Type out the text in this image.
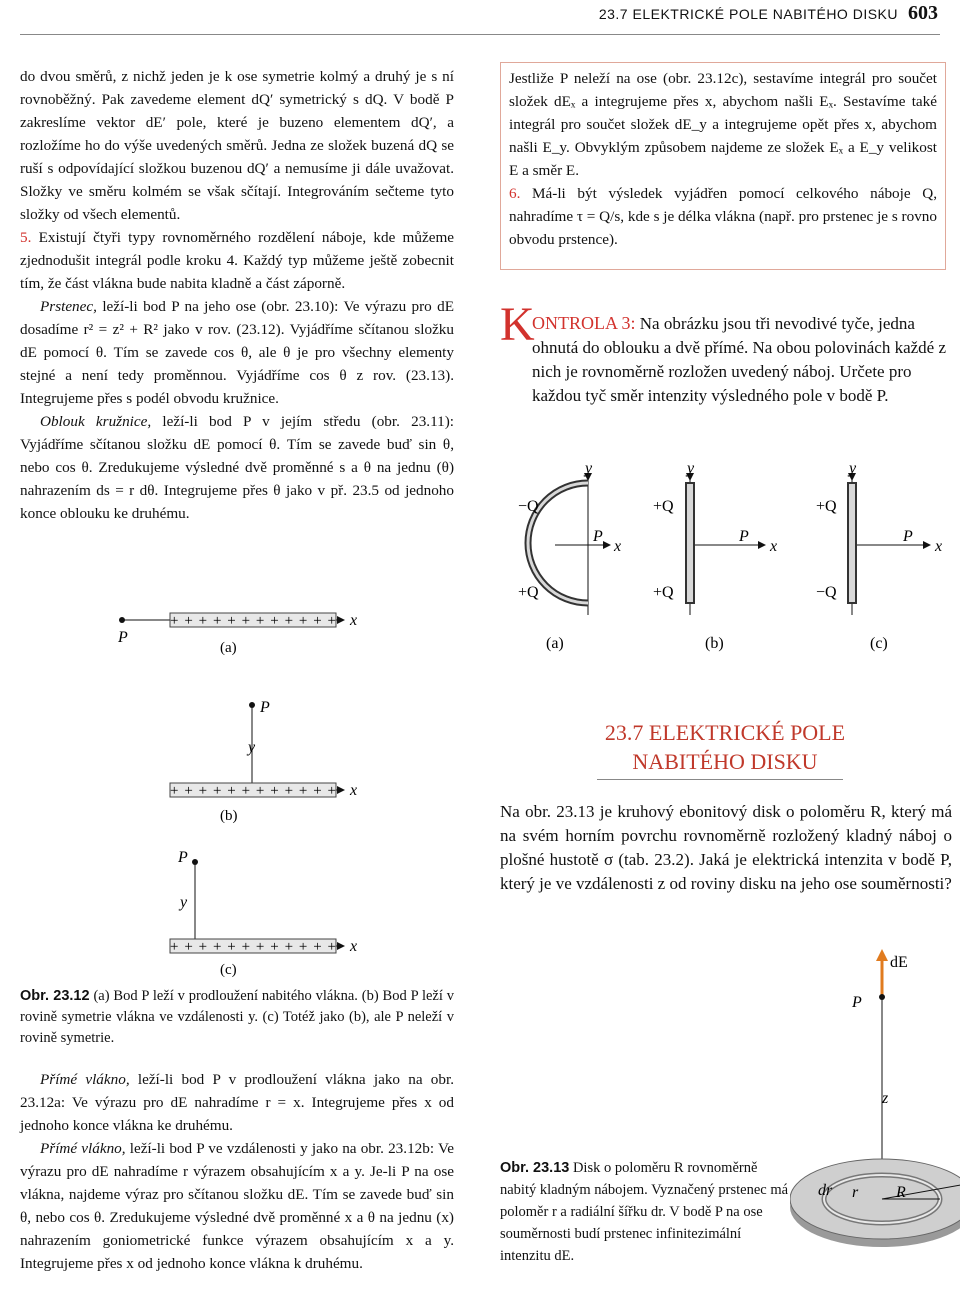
23.7 ELEKTRICKÉ POLE NABITÉHO DISKU 603

do dvou směrů, z nichž jeden je k ose symetrie kolmý a druhý je s ní rovnoběžný. Pak zavedeme element dQ′ symetrický s dQ. V bodě P zakreslíme vektor dE′ pole, které je buzeno elementem dQ′, a rozložíme ho do výše uvedených směrů. Jedna ze složek buzená dQ se ruší s odpovídající složkou buzenou dQ′ a nemusíme ji dále uvažovat. Složky ve směru kolmém se však sčítají. Integrováním sečteme tyto složky od všech elementů.

5. Existují čtyři typy rovnoměrného rozdělení náboje, kde můžeme zjednodušit integrál podle kroku 4. Každý typ můžeme ještě zobecnit tím, že část vlákna bude nabita kladně a část záporně.

Prstenec, leží-li bod P na jeho ose (obr. 23.10): Ve výrazu pro dE dosadíme r² = z² + R² jako v rov. (23.12). Vyjádříme sčítanou složku dE pomocí θ. Tím se zavede cos θ, ale θ je pro všechny elementy stejné a není tedy proměnnou. Vyjádříme cos θ z rov. (23.13). Integrujeme přes s podél obvodu kružnice.

Oblouk kružnice, leží-li bod P v jejím středu (obr. 23.11): Vyjádříme sčítanou složku dE pomocí θ. Tím se zavede buď sin θ, nebo cos θ. Zredukujeme výsledné dvě proměnné s a θ na jednu (θ) nahrazením ds = r dθ. Integrujeme přes θ jako v př. 23.5 od jednoho konce oblouku ke druhému.

Jestliže P neleží na ose (obr. 23.12c), sestavíme integrál pro součet složek dEₓ a integrujeme přes x, abychom našli Eₓ. Sestavíme také integrál pro součet složek dE_y a integrujeme opět přes x, abychom našli E_y. Obvyklým způsobem najdeme ze složek Eₓ a E_y velikost E a směr E.

6. Má-li být výsledek vyjádřen pomocí celkového náboje Q, nahradíme τ = Q/s, kde s je délka vlákna (např. pro prstenec je s rovno obvodu prstence).

K
ONTROLA 3: Na obrázku jsou tři nevodivé tyče, jedna ohnutá do oblouku a dvě přímé. Na obou polovinách každé z nich je rovnoměrně rozložen uvedený náboj. Určete pro každou tyč směr intenzity výsledného pole v bodě P.
y
x
P
−Q
+Q
(a)
y
x
P
+Q
+Q
(b)
y
x
P
+Q
−Q
(c)
+ + + + + + + + + + + +
P
x
(a)
+ + + + + + + + + + + +
P
y
x
(b)
+ + + + + + + + + + + +
P
y
x
(c)

Obr. 23.12 (a) Bod P leží v prodloužení nabitého vlákna. (b) Bod P leží v rovině symetrie vlákna ve vzdálenosti y. (c) Totéž jako (b), ale P neleží v rovině symetrie.

Přímé vlákno, leží-li bod P v prodloužení vlákna jako na obr. 23.12a: Ve výrazu pro dE nahradíme r = x. Integrujeme přes x od jednoho konce vlákna ke druhému.

Přímé vlákno, leží-li bod P ve vzdálenosti y jako na obr. 23.12b: Ve výrazu pro dE nahradíme r výrazem obsahujícím x a y. Je-li P na ose vlákna, najdeme výraz pro sčítanou složku dE. Tím se zavede buď sin θ, nebo cos θ. Zredukujeme výsledné dvě proměnné x a θ na jednu (x) nahrazením goniometrické funkce výrazem obsahujícím x a y. Integrujeme přes x od jednoho konce vlákna k druhému.

23.7 ELEKTRICKÉ POLE NABITÉHO DISKU

Na obr. 23.13 je kruhový ebonitový disk o poloměru R, který má na svém horním povrchu rovnoměrně rozložený kladný náboj o plošné hustotě σ (tab. 23.2). Jaká je elektrická intenzita v bodě P, který je ve vzdálenosti z od roviny disku na jeho ose souměrnosti?

dE
P
z
dr r R

Obr. 23.13 Disk o poloměru R rovnoměrně nabitý kladným nábojem. Vyznačený prstenec má poloměr r a radiální šířku dr. V bodě P na ose souměrnosti budí prstenec infinitezimální intenzitu dE.
